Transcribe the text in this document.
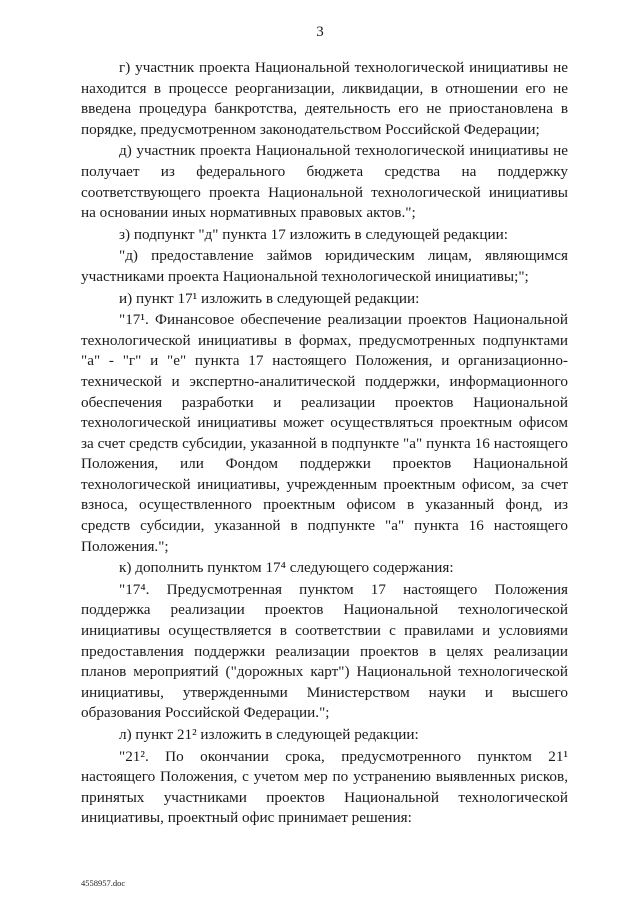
3

г) участник проекта Национальной технологической инициативы не находится в процессе реорганизации, ликвидации, в отношении его не введена процедура банкротства, деятельность его не приостановлена в порядке, предусмотренном законодательством Российской Федерации;

д) участник проекта Национальной технологической инициативы не получает из федерального бюджета средства на поддержку соответствующего проекта Национальной технологической инициативы на основании иных нормативных правовых актов.";

з) подпункт "д" пункта 17 изложить в следующей редакции:

"д) предоставление займов юридическим лицам, являющимся участниками проекта Национальной технологической инициативы;";

и) пункт 17¹ изложить в следующей редакции:

"17¹. Финансовое обеспечение реализации проектов Национальной технологической инициативы в формах, предусмотренных подпунктами "а" - "г" и "е" пункта 17 настоящего Положения, и организационно-технической и экспертно-аналитической поддержки, информационного обеспечения разработки и реализации проектов Национальной технологической инициативы может осуществляться проектным офисом за счет средств субсидии, указанной в подпункте "а" пункта 16 настоящего Положения, или Фондом поддержки проектов Национальной технологической инициативы, учрежденным проектным офисом, за счет взноса, осуществленного проектным офисом в указанный фонд, из средств субсидии, указанной в подпункте "а" пункта 16 настоящего Положения.";

к) дополнить пунктом 17⁴ следующего содержания:

"17⁴. Предусмотренная пунктом 17 настоящего Положения поддержка реализации проектов Национальной технологической инициативы осуществляется в соответствии с правилами и условиями предоставления поддержки реализации проектов в целях реализации планов мероприятий ("дорожных карт") Национальной технологической инициативы, утвержденными Министерством науки и высшего образования Российской Федерации.";

л) пункт 21² изложить в следующей редакции:

"21². По окончании срока, предусмотренного пунктом 21¹ настоящего Положения, с учетом мер по устранению выявленных рисков, принятых участниками проектов Национальной технологической инициативы, проектный офис принимает решения:

4558957.doc
